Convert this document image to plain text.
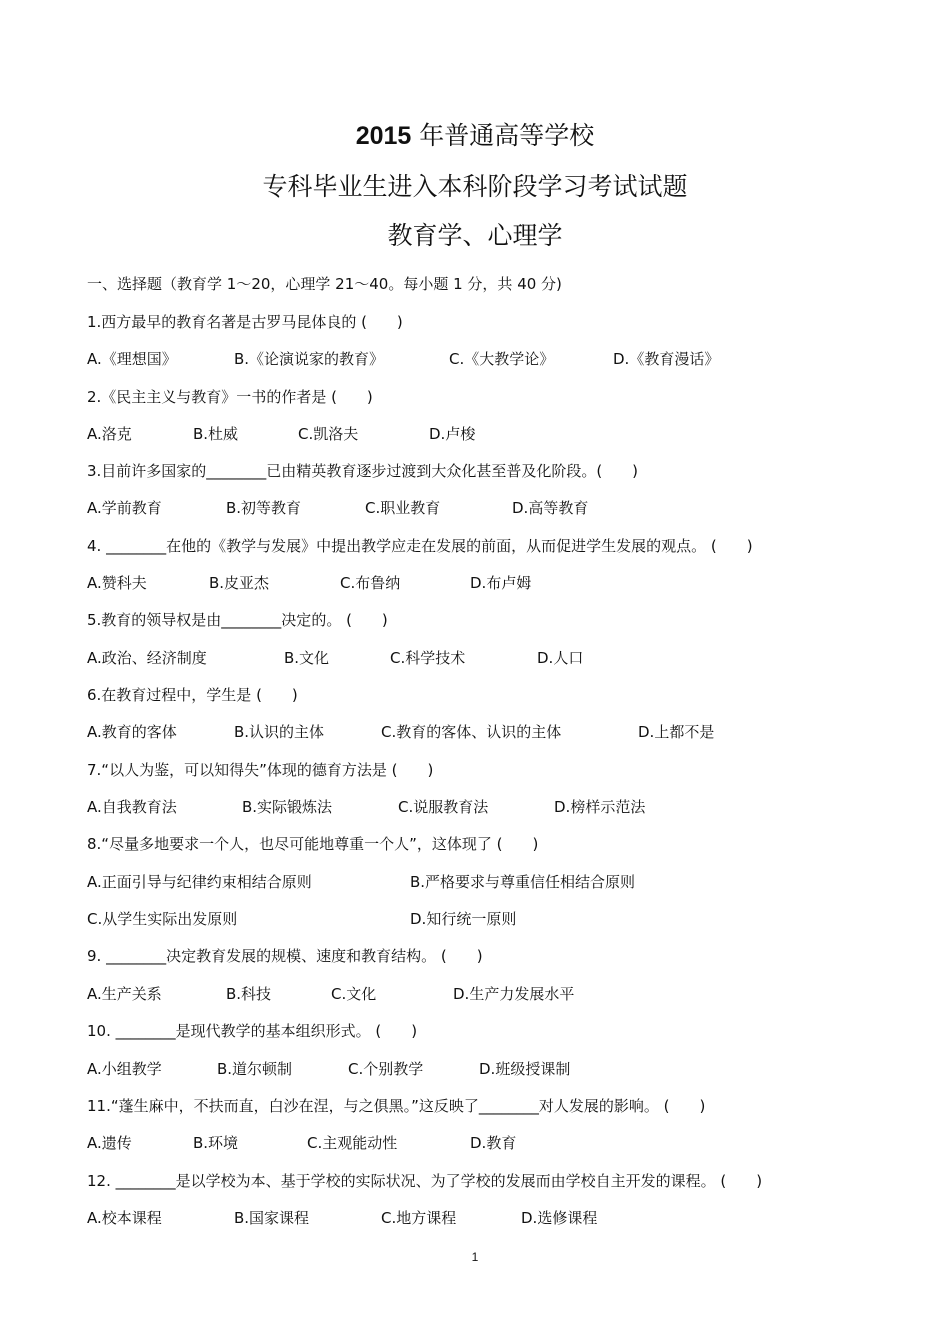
2015 年普通高等学校
专科毕业生进入本科阶段学习考试试题
教育学、心理学
一、选择题（教育学 1～20，心理学 21～40。每小题 1 分，共 40 分)
1.西方最早的教育名著是古罗马昆体良的 (　　)
A.《理想国》	B.《论演说家的教育》	C.《大教学论》	D.《教育漫话》
2.《民主主义与教育》一书的作者是 (　　)
A.洛克	B.杜威	C.凯洛夫	D.卢梭
3.目前许多国家的________已由精英教育逐步过渡到大众化甚至普及化阶段。(　　)
A.学前教育	B.初等教育	C.职业教育	D.高等教育
4. ________在他的《教学与发展》中提出教学应走在发展的前面，从而促进学生发展的观点。 (　　)
A.赞科夫	B.皮亚杰	C.布鲁纳	D.布卢姆
5.教育的领导权是由________决定的。 (　　)
A.政治、经济制度	B.文化	C.科学技术	D.人口
6.在教育过程中，学生是 (　　)
A.教育的客体	B.认识的主体	C.教育的客体、认识的主体	D.上都不是
7.“以人为鉴，可以知得失”体现的德育方法是 (　　)
A.自我教育法	B.实际锻炼法	C.说服教育法	D.榜样示范法
8.“尽量多地要求一个人，也尽可能地尊重一个人”，这体现了 (　　)
A.正面引导与纪律约束相结合原则	B.严格要求与尊重信任相结合原则
C.从学生实际出发原则	D.知行统一原则
9. ________决定教育发展的规模、速度和教育结构。 (　　)
A.生产关系	B.科技	C.文化	D.生产力发展水平
10. ________是现代教学的基本组织形式。 (　　)
A.小组教学	B.道尔顿制	C.个别教学	D.班级授课制
11.“蓬生麻中，不扶而直，白沙在涅，与之俱黑。”这反映了________对人发展的影响。 (　　)
A.遗传	B.环境	C.主观能动性	D.教育
12. ________是以学校为本、基于学校的实际状况、为了学校的发展而由学校自主开发的课程。 (　　)
A.校本课程	B.国家课程	C.地方课程	D.选修课程
1
